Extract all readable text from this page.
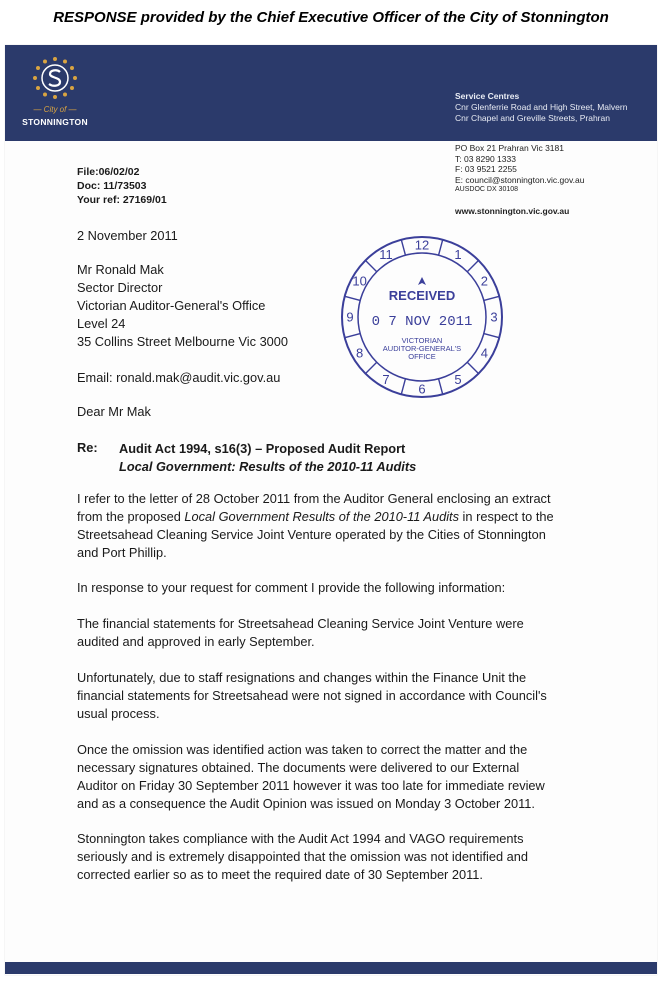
RESPONSE provided by the Chief Executive Officer of the City of Stonnington
— City of —
STONNINGTON
Service Centres
Cnr Glenferrie Road and High Street, Malvern
Cnr Chapel and Greville Streets, Prahran
PO Box 21 Prahran Vic 3181
T: 03 8290 1333
F: 03 9521 2255
E: council@stonnington.vic.gov.au
AUSDOC DX 30108
www.stonnington.vic.gov.au
File:06/02/02
Doc: 11/73503
Your ref: 27169/01
2 November 2011
Mr Ronald Mak
Sector Director
Victorian Auditor-General's Office
Level 24
35 Collins Street Melbourne Vic 3000
Email: ronald.mak@audit.vic.gov.au
Dear Mr Mak
Re: Audit Act 1994, s16(3) – Proposed Audit Report
Local Government: Results of the 2010-11 Audits
12
1
2
3
4
5
6
7
8
9
10
11
RECEIVED
0 7 NOV 2011
VICTORIAN
AUDITOR-GENERAL'S
OFFICE
I refer to the letter of 28 October 2011 from the Auditor General enclosing an extract
from the proposed Local Government Results of the 2010-11 Audits in respect to the
Streetsahead Cleaning Service Joint Venture operated by the Cities of Stonnington
and Port Phillip.
In response to your request for comment I provide the following information:
The financial statements for Streetsahead Cleaning Service Joint Venture were
audited and approved in early September.
Unfortunately, due to staff resignations and changes within the Finance Unit the
financial statements for Streetsahead were not signed in accordance with Council's
usual process.
Once the omission was identified action was taken to correct the matter and the
necessary signatures obtained. The documents were delivered to our External
Auditor on Friday 30 September 2011 however it was too late for immediate review
and as a consequence the Audit Opinion was issued on Monday 3 October 2011.
Stonnington takes compliance with the Audit Act 1994 and VAGO requirements
seriously and is extremely disappointed that the omission was not identified and
corrected earlier so as to meet the required date of 30 September 2011.
